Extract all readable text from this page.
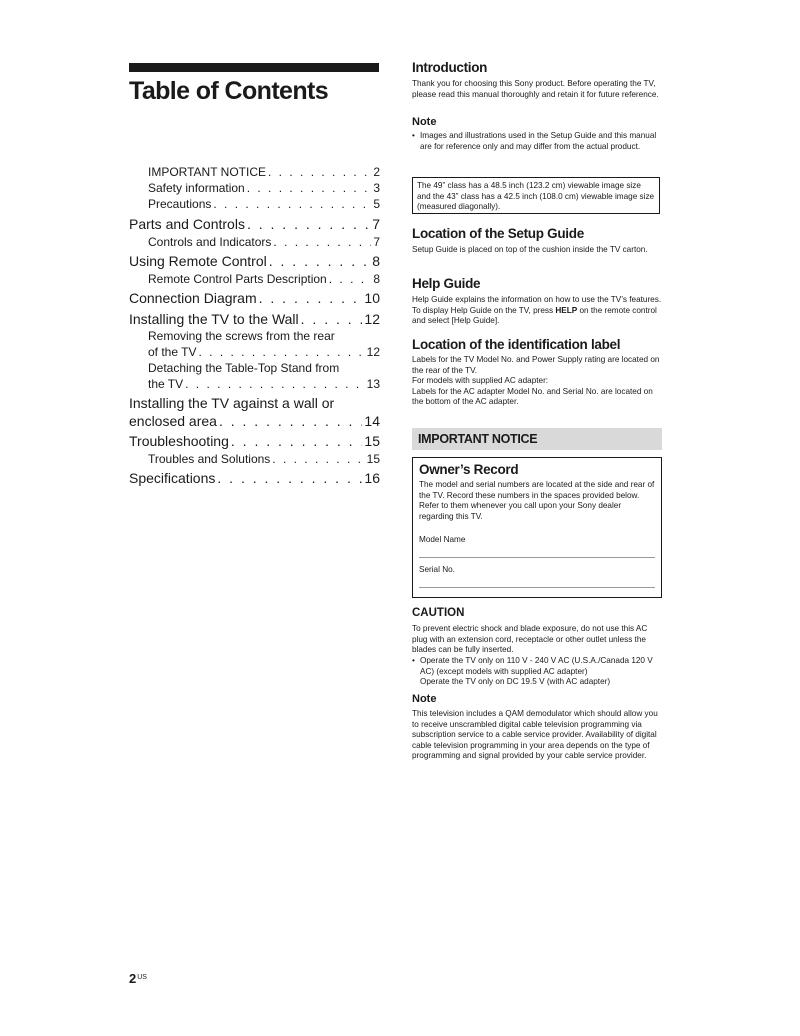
Table of Contents
IMPORTANT NOTICE . . .	2
Safety information . . .	3
Precautions . . .	5
Parts and Controls . . .	7
Controls and Indicators . . .	7
Using Remote Control . . .	8
Remote Control Parts Description . . .	8
Connection Diagram . . .	10
Installing the TV to the Wall . . .	12
Removing the screws from the rear
of the TV . . .	12
Detaching the Table-Top Stand from
the TV . . .	13
Installing the TV against a wall or
enclosed area . . .	14
Troubleshooting . . .	15
Troubles and Solutions . . .	15
Specifications . . .	16
Introduction

Thank you for choosing this Sony product. Before operating the TV, please read this manual thoroughly and retain it for future reference.

Note
• Images and illustrations used in the Setup Guide and this manual are for reference only and may differ from the actual product.
The 49” class has a 48.5 inch (123.2 cm) viewable image size and the 43” class has a 42.5 inch (108.0 cm) viewable image size (measured diagonally).
Location of the Setup Guide

Setup Guide is placed on top of the cushion inside the TV carton.

Help Guide

Help Guide explains the information on how to use the TV’s features. To display Help Guide on the TV, press HELP on the remote control and select [Help Guide].

Location of the identification label

Labels for the TV Model No. and Power Supply rating are located on the rear of the TV.
For models with supplied AC adapter:
Labels for the AC adapter Model No. and Serial No. are located on the bottom of the AC adapter.

IMPORTANT NOTICE
Owner’s Record

The model and serial numbers are located at the side and rear of the TV. Record these numbers in the spaces provided below. Refer to them whenever you call upon your Sony dealer regarding this TV.

Model Name
Serial No.
CAUTION

To prevent electric shock and blade exposure, do not use this AC plug with an extension cord, receptacle or other outlet unless the blades can be fully inserted.

• Operate the TV only on 110 V - 240 V AC (U.S.A./Canada 120 V AC) (except models with supplied AC adapter)
Operate the TV only on DC 19.5 V (with AC adapter)
Note

This television includes a QAM demodulator which should allow you to receive unscrambled digital cable television programming via subscription service to a cable service provider. Availability of digital cable television programming in your area depends on the type of programming and signal provided by your cable service provider.

$2^{US}$
